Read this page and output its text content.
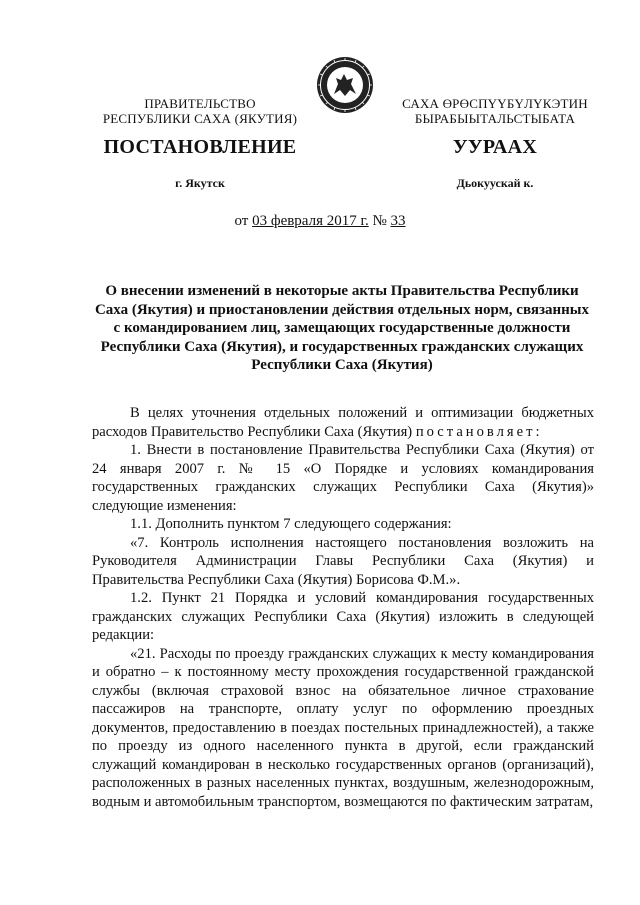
ПРАВИТЕЛЬСТВО
РЕСПУБЛИКИ САХА (ЯКУТИЯ)
САХА ӨРӨСПҮҮБҮЛҮКЭТИН
БЫРАБЫЫТАЛЬСТЫБАТА
ПОСТАНОВЛЕНИЕ	УУРААХ
г. Якутск	Дьокуускай к.
от 03 февраля 2017 г. № 33
О внесении изменений в некоторые акты Правительства Республики
Саха (Якутия) и приостановлении действия отдельных норм, связанных
с командированием лиц, замещающих государственные должности
Республики Саха (Якутия), и государственных гражданских служащих
Республики Саха (Якутия)

В целях уточнения отдельных положений и оптимизации бюджетных расходов Правительство Республики Саха (Якутия) постановляет:

1. Внести в постановление Правительства Республики Саха (Якутия) от 24 января 2007 г. № 15 «О Порядке и условиях командирования государственных гражданских служащих Республики Саха (Якутия)» следующие изменения:

1.1. Дополнить пунктом 7 следующего содержания:

«7. Контроль исполнения настоящего постановления возложить на Руководителя Администрации Главы Республики Саха (Якутия) и Правительства Республики Саха (Якутия) Борисова Ф.М.».

1.2. Пункт 21 Порядка и условий командирования государственных гражданских служащих Республики Саха (Якутия) изложить в следующей редакции:

«21. Расходы по проезду гражданских служащих к месту командирования и обратно – к постоянному месту прохождения государственной гражданской службы (включая страховой взнос на обязательное личное страхование пассажиров на транспорте, оплату услуг по оформлению проездных документов, предоставлению в поездах постельных принадлежностей), а также по проезду из одного населенного пункта в другой, если гражданский служащий командирован в несколько государственных органов (организаций), расположенных в разных населенных пунктах, воздушным, железнодорожным, водным и автомобильным транспортом, возмещаются по фактическим затратам,
